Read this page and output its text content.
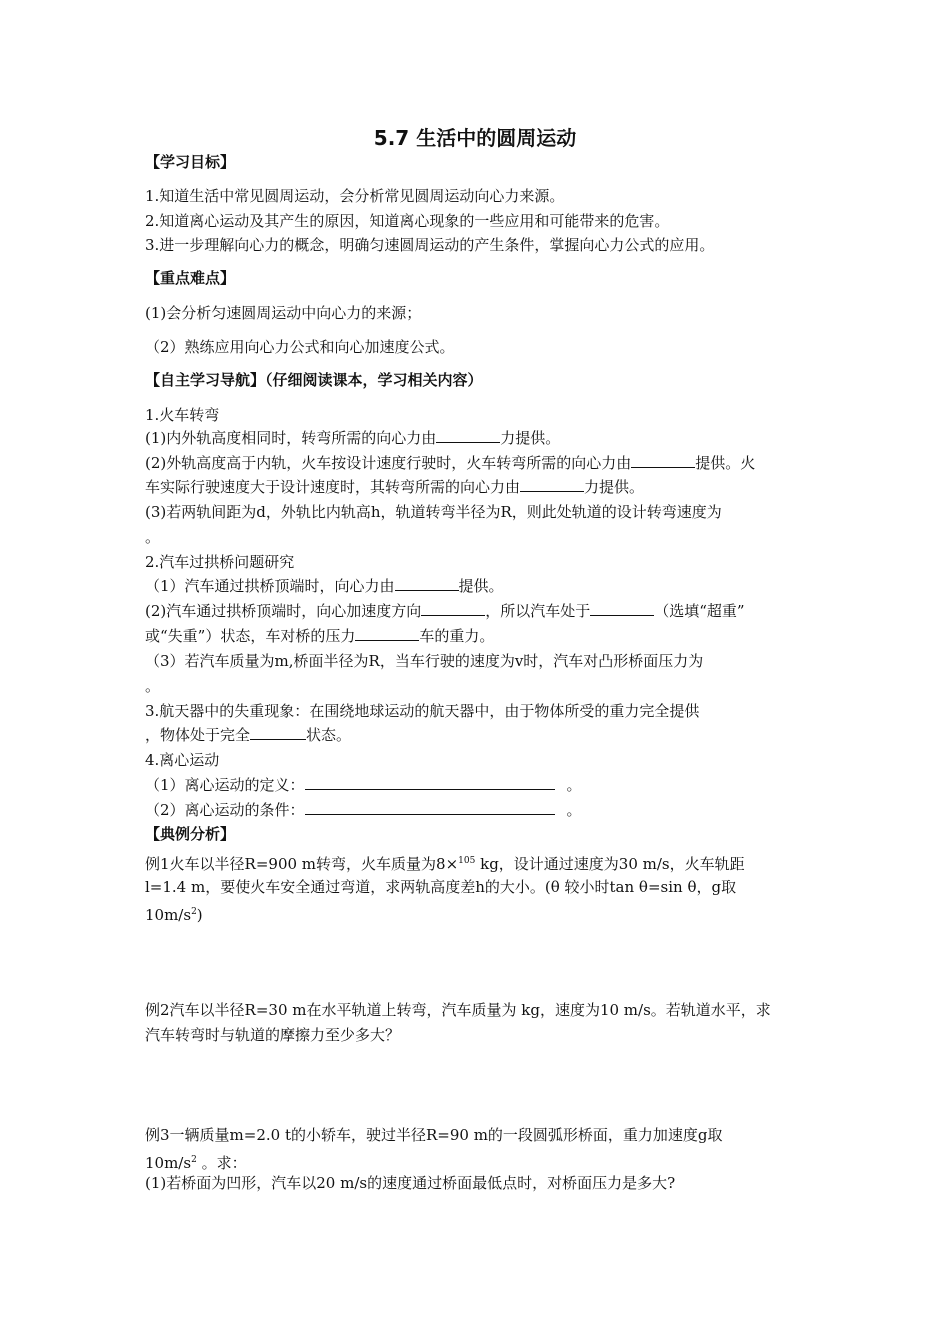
5.7 生活中的圆周运动
【学习目标】
1.知道生活中常见圆周运动，会分析常见圆周运动向心力来源。
2.知道离心运动及其产生的原因，知道离心现象的一些应用和可能带来的危害。
3.进一步理解向心力的概念，明确匀速圆周运动的产生条件，掌握向心力公式的应用。
【重点难点】
(1)会分析匀速圆周运动中向心力的来源；
（2）熟练应用向心力公式和向心加速度公式。
【自主学习导航】（仔细阅读课本，学习相关内容）
1.火车转弯
(1)内外轨高度相同时，转弯所需的向心力由	力提供。
(2)外轨高度高于内轨，火车按设计速度行驶时，火车转弯所需的向心力由	提供。火
车实际行驶速度大于设计速度时，其转弯所需的向心力由	力提供。
(3)若两轨间距为d，外轨比内轨高h，轨道转弯半径为R，则此处轨道的设计转弯速度为
。
2.汽车过拱桥问题研究
（1）汽车通过拱桥顶端时，向心力由	提供。
(2)汽车通过拱桥顶端时，向心加速度方向	，所以汽车处于	（选填“超重”
或“失重”）状态，车对桥的压力	车的重力。
（3）若汽车质量为m,桥面半径为R，当车行驶的速度为v时，汽车对凸形桥面压力为
。
3.航天器中的失重现象：在围绕地球运动的航天器中，由于物体所受的重力完全提供
，物体处于完全	状态。
4.离心运动
（1）离心运动的定义：	。
（2）离心运动的条件：	。
【典例分析】
例1火车以半径R=900 m转弯，火车质量为8×$^{105}$ kg，设计通过速度为30 m/s，火车轨距
l=1.4 m，要使火车安全通过弯道，求两轨高度差h的大小。(θ 较小时tan θ=sin θ，g取
$10m/s^2$)
例2汽车以半径R=30 m在水平轨道上转弯，汽车质量为 kg，速度为10 m/s。若轨道水平，求
汽车转弯时与轨道的摩擦力至少多大？
例3一辆质量m=2.0 t的小轿车，驶过半径R=90 m的一段圆弧形桥面，重力加速度g取
$10m/s^2$ 。求：
(1)若桥面为凹形，汽车以20 m/s的速度通过桥面最低点时，对桥面压力是多大?
